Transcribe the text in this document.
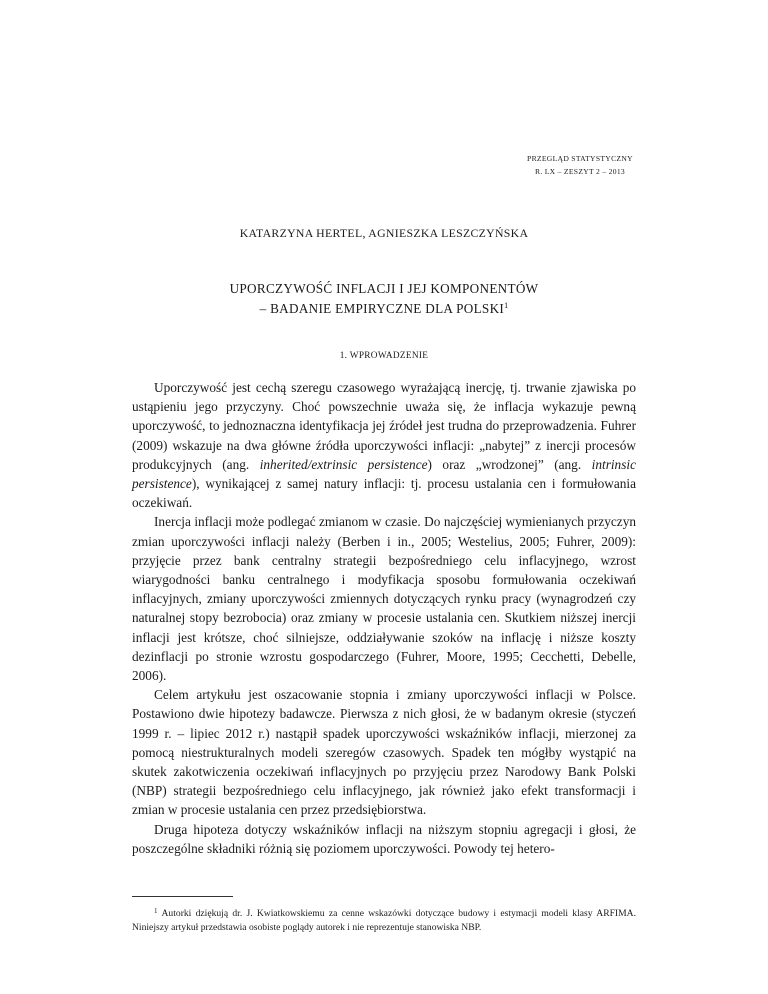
PRZEGLĄD STATYSTYCZNY
R. LX – ZESZYT 2 – 2013
KATARZYNA HERTEL, AGNIESZKA LESZCZYŃSKA
UPORCZYWOŚĆ INFLACJI I JEJ KOMPONENTÓW
– BADANIE EMPIRYCZNE DLA POLSKI$^1$
1. WPROWADZENIE

Uporczywość jest cechą szeregu czasowego wyrażającą inercję, tj. trwanie zjawiska po ustąpieniu jego przyczyny. Choć powszechnie uważa się, że inflacja wykazuje pewną uporczywość, to jednoznaczna identyfikacja jej źródeł jest trudna do przeprowadzenia. Fuhrer (2009) wskazuje na dwa główne źródła uporczywości inflacji: „nabytej” z inercji procesów produkcyjnych (ang. inherited/extrinsic persistence) oraz „wrodzonej” (ang. intrinsic persistence), wynikającej z samej natury inflacji: tj. procesu ustalania cen i formułowania oczekiwań.

Inercja inflacji może podlegać zmianom w czasie. Do najczęściej wymienianych przyczyn zmian uporczywości inflacji należy (Berben i in., 2005; Westelius, 2005; Fuhrer, 2009): przyjęcie przez bank centralny strategii bezpośredniego celu inflacyjnego, wzrost wiarygodności banku centralnego i modyfikacja sposobu formułowania oczekiwań inflacyjnych, zmiany uporczywości zmiennych dotyczących rynku pracy (wynagrodzeń czy naturalnej stopy bezrobocia) oraz zmiany w procesie ustalania cen. Skutkiem niższej inercji inflacji jest krótsze, choć silniejsze, oddziaływanie szoków na inflację i niższe koszty dezinflacji po stronie wzrostu gospodarczego (Fuhrer, Moore, 1995; Cecchetti, Debelle, 2006).

Celem artykułu jest oszacowanie stopnia i zmiany uporczywości inflacji w Polsce. Postawiono dwie hipotezy badawcze. Pierwsza z nich głosi, że w badanym okresie (styczeń 1999 r. – lipiec 2012 r.) nastąpił spadek uporczywości wskaźników inflacji, mierzonej za pomocą niestrukturalnych modeli szeregów czasowych. Spadek ten mógłby wystąpić na skutek zakotwiczenia oczekiwań inflacyjnych po przyjęciu przez Narodowy Bank Polski (NBP) strategii bezpośredniego celu inflacyjnego, jak również jako efekt transformacji i zmian w procesie ustalania cen przez przedsiębiorstwa.

Druga hipoteza dotyczy wskaźników inflacji na niższym stopniu agregacji i głosi, że poszczególne składniki różnią się poziomem uporczywości. Powody tej hetero-

$^1$ Autorki dziękują dr. J. Kwiatkowskiemu za cenne wskazówki dotyczące budowy i estymacji modeli klasy ARFIMA. Niniejszy artykuł przedstawia osobiste poglądy autorek i nie reprezentuje stanowiska NBP.
